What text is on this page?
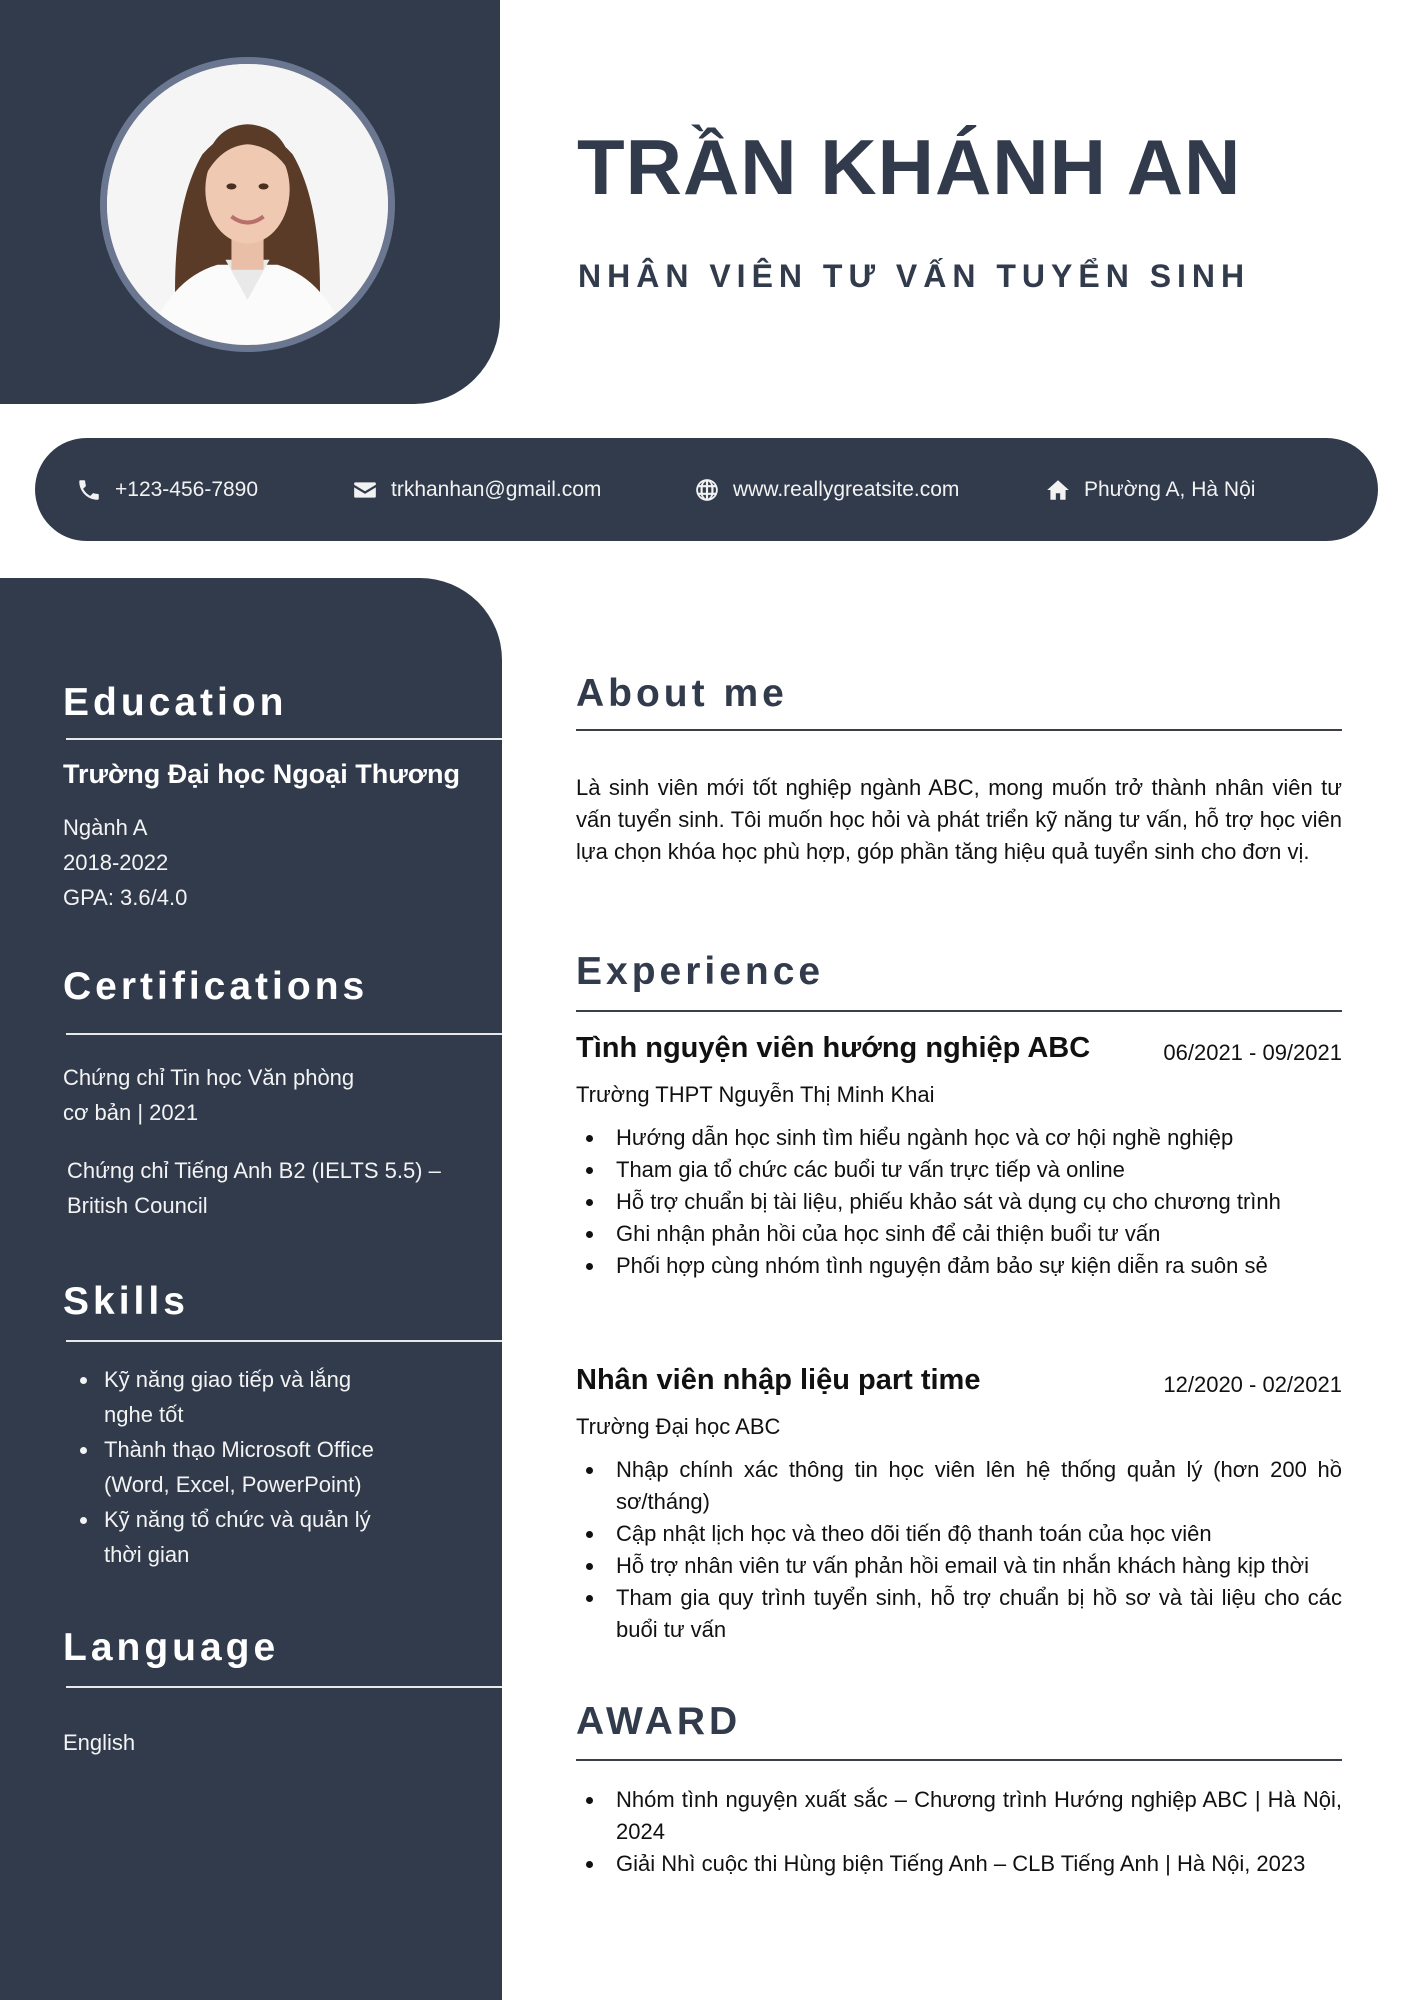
TRẦN KHÁNH AN
NHÂN VIÊN TƯ VẤN TUYỂN SINH
+123-456-7890	trkhanhan@gmail.com	www.reallygreatsite.com	Phường A, Hà Nội
Education
Trường Đại học Ngoại Thương
Ngành A
2018-2022
GPA: 3.6/4.0
Certifications
Chứng chỉ Tin học Văn phòng
cơ bản | 2021
Chứng chỉ Tiếng Anh B2 (IELTS 5.5) –
British Council
Skills
Kỹ năng giao tiếp và lắng nghe tốt
Thành thạo Microsoft Office (Word, Excel, PowerPoint)
Kỹ năng tổ chức và quản lý thời gian
Language
English
About me
Là sinh viên mới tốt nghiệp ngành ABC, mong muốn trở thành nhân viên tư vấn tuyển sinh. Tôi muốn học hỏi và phát triển kỹ năng tư vấn, hỗ trợ học viên lựa chọn khóa học phù hợp, góp phần tăng hiệu quả tuyển sinh cho đơn vị.
Experience
Tình nguyện viên hướng nghiệp ABC	06/2021 - 09/2021
Trường THPT Nguyễn Thị Minh Khai
Hướng dẫn học sinh tìm hiểu ngành học và cơ hội nghề nghiệp
Tham gia tổ chức các buổi tư vấn trực tiếp và online
Hỗ trợ chuẩn bị tài liệu, phiếu khảo sát và dụng cụ cho chương trình
Ghi nhận phản hồi của học sinh để cải thiện buổi tư vấn
Phối hợp cùng nhóm tình nguyện đảm bảo sự kiện diễn ra suôn sẻ
Nhân viên nhập liệu part time	12/2020 - 02/2021
Trường Đại học ABC
Nhập chính xác thông tin học viên lên hệ thống quản lý (hơn 200 hồ sơ/tháng)
Cập nhật lịch học và theo dõi tiến độ thanh toán của học viên
Hỗ trợ nhân viên tư vấn phản hồi email và tin nhắn khách hàng kịp thời
Tham gia quy trình tuyển sinh, hỗ trợ chuẩn bị hồ sơ và tài liệu cho các buổi tư vấn
AWARD
Nhóm tình nguyện xuất sắc – Chương trình Hướng nghiệp ABC | Hà Nội, 2024
Giải Nhì cuộc thi Hùng biện Tiếng Anh – CLB Tiếng Anh | Hà Nội, 2023
